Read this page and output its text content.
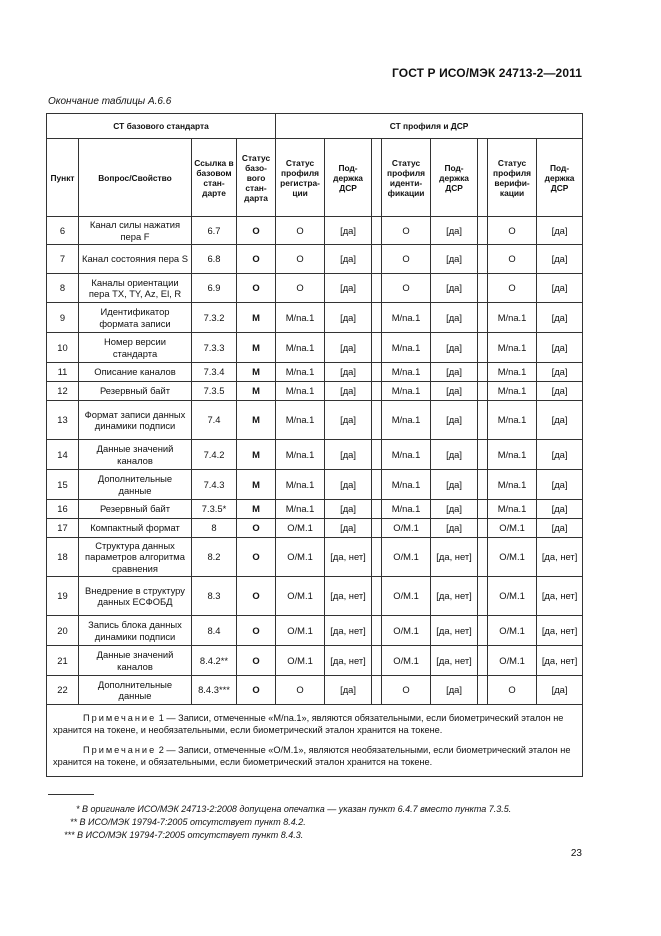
ГОСТ Р ИСО/МЭК 24713-2—2011
Окончание таблицы А.6.6
СТ базового стандарта				СТ профиля и ДСР							
Пункт	Вопрос/Свойство	Ссылка в базовом стан-дарте	Статус базо-вого стан-дарта	Статус профиля регистра-ции	Под-держка ДСР		Статус профиля иденти-фикации	Под-держка ДСР		Статус профиля верифи-кации	Под-держка ДСР
6	Канал силы нажатия пера F	6.7	O	O	[да]		O	[да]		O	[да]
7	Канал состояния пера S	6.8	O	O	[да]		O	[да]		O	[да]
8	Каналы ориентации пера TX, TY, Az, El, R	6.9	O	O	[да]		O	[да]		O	[да]
9	Идентификатор формата записи	7.3.2	M	M/na.1	[да]		M/na.1	[да]		M/na.1	[да]
10	Номер версии стандарта	7.3.3	M	M/na.1	[да]		M/na.1	[да]		M/na.1	[да]
11	Описание каналов	7.3.4	M	M/na.1	[да]		M/na.1	[да]		M/na.1	[да]
12	Резервный байт	7.3.5	M	M/na.1	[да]		M/na.1	[да]		M/na.1	[да]
13	Формат записи данных динамики подписи	7.4	M	M/na.1	[да]		M/na.1	[да]		M/na.1	[да]
14	Данные значений каналов	7.4.2	M	M/na.1	[да]		M/na.1	[да]		M/na.1	[да]
15	Дополнительные данные	7.4.3	M	M/na.1	[да]		M/na.1	[да]		M/na.1	[да]
16	Резервный байт	7.3.5*	M	M/na.1	[да]		M/na.1	[да]		M/na.1	[да]
17	Компактный формат	8	O	O/M.1	[да]		O/M.1	[да]		O/M.1	[да]
18	Структура данных параметров алгоритма сравнения	8.2	O	O/M.1	[да, нет]		O/M.1	[да, нет]		O/M.1	[да, нет]
19	Внедрение в структуру данных ЕСФОБД	8.3	O	O/M.1	[да, нет]		O/M.1	[да, нет]		O/M.1	[да, нет]
20	Запись блока данных динамики подписи	8.4	O	O/M.1	[да, нет]		O/M.1	[да, нет]		O/M.1	[да, нет]
21	Данные значений каналов	8.4.2**	O	O/M.1	[да, нет]		O/M.1	[да, нет]		O/M.1	[да, нет]
22	Дополнительные данные	8.4.3***	O	O	[да]		O	[да]		O	[да]

Примечание 1 — Записи, отмеченные «M/na.1», являются обязательными, если биометрический эталон не хранится на токене, и необязательными, если биометрический эталон хранится на токене.

Примечание 2 — Записи, отмеченные «O/M.1», являются необязательными, если биометрический эталон не хранится на токене, и обязательными, если биометрический эталон хранится на токене.											

* В оригинале ИСО/МЭК 24713-2:2008 допущена опечатка — указан пункт 6.4.7 вместо пункта 7.3.5.
** В ИСО/МЭК 19794-7:2005 отсутствует пункт 8.4.2.
*** В ИСО/МЭК 19794-7:2005 отсутствует пункт 8.4.3.
23
